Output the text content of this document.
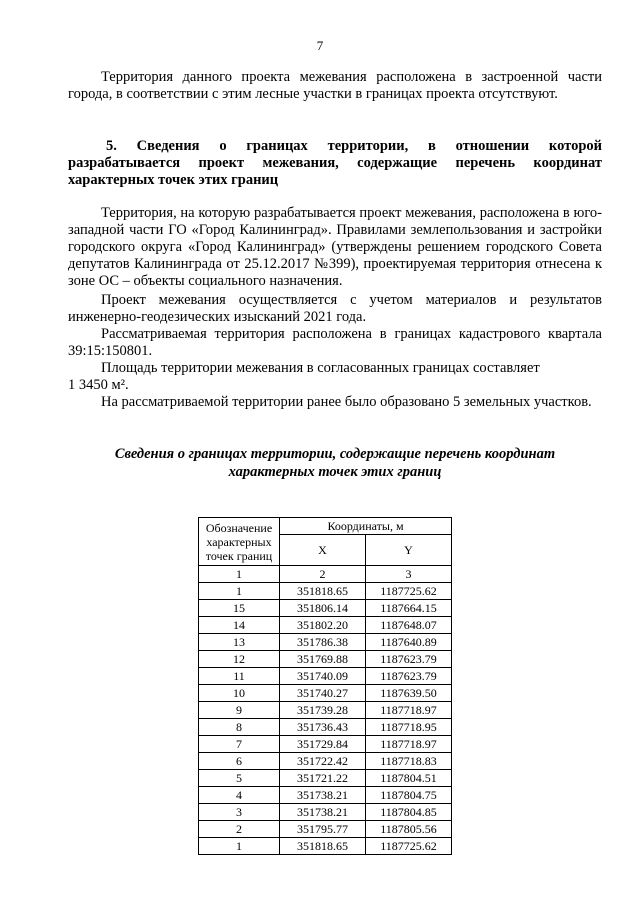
7

Территория данного проекта межевания расположена в застроенной части города, в соответствии с этим лесные участки в границах проекта отсутствуют.

5. Сведения о границах территории, в отношении которой разрабатывается проект межевания, содержащие перечень координат характерных точек этих границ

Территория, на которую разрабатывается проект межевания, расположена в юго-западной части ГО «Город Калининград». Правилами землепользования и застройки городского округа «Город Калининград» (утверждены решением городского Совета депутатов Калининграда от 25.12.2017 №399), проектируемая территория отнесена к зоне ОС – объекты социального назначения.

Проект межевания осуществляется с учетом материалов и результатов инженерно-геодезических изысканий 2021 года.

Рассматриваемая территория расположена в границах кадастрового квартала 39:15:150801.

Площадь территории межевания в согласованных границах составляет

1 3450 м².

На рассматриваемой территории ранее было образовано 5 земельных участков.

Сведения о границах территории, содержащие перечень координат характерных точек этих границ
Обозначение характерных точек границ	Координаты, м	
	X	Y
1	2	3
1	351818.65	1187725.62
15	351806.14	1187664.15
14	351802.20	1187648.07
13	351786.38	1187640.89
12	351769.88	1187623.79
11	351740.09	1187623.79
10	351740.27	1187639.50
9	351739.28	1187718.97
8	351736.43	1187718.95
7	351729.84	1187718.97
6	351722.42	1187718.83
5	351721.22	1187804.51
4	351738.21	1187804.75
3	351738.21	1187804.85
2	351795.77	1187805.56
1	351818.65	1187725.62
